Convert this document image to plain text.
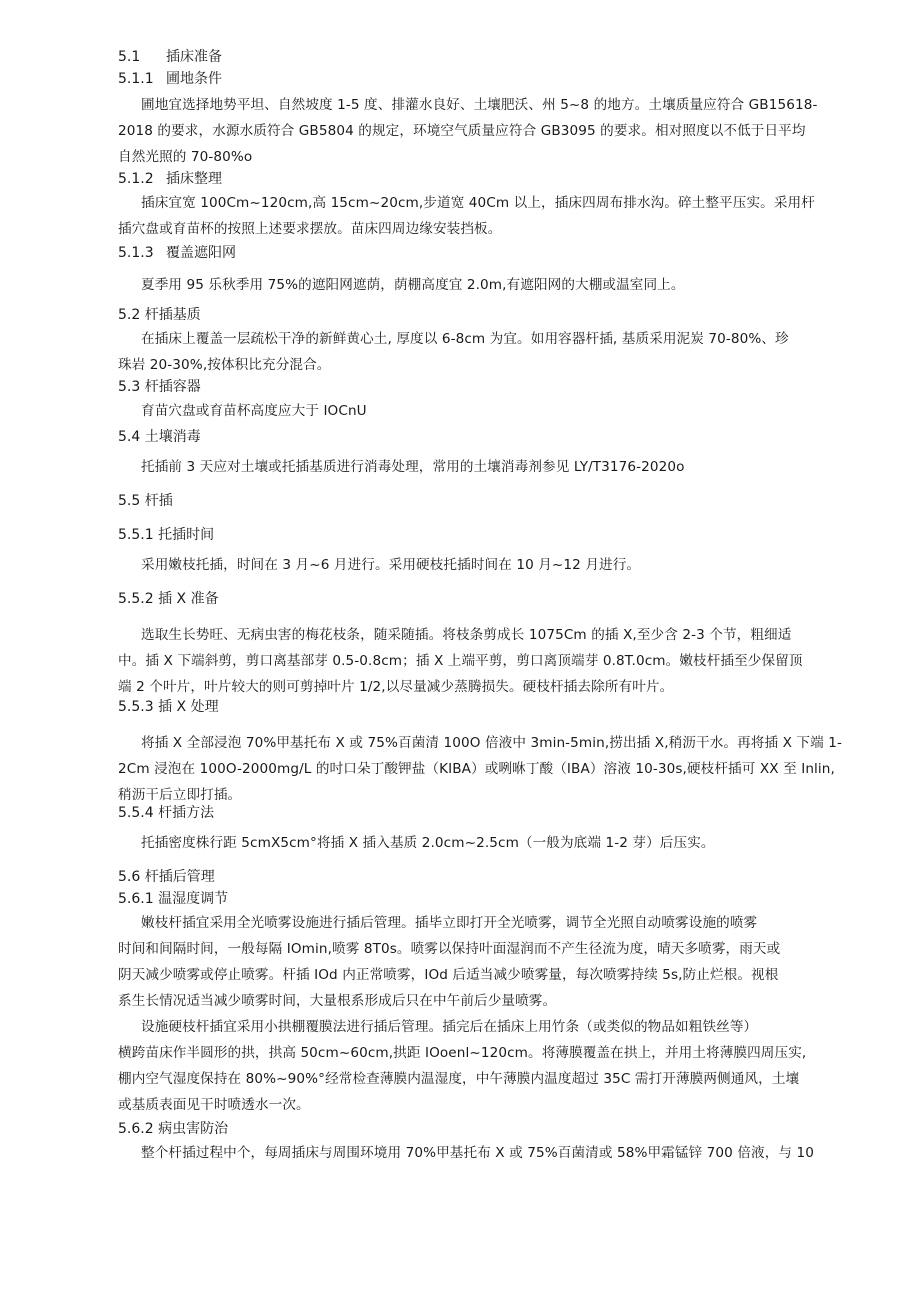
5.1 插床准备
5.1.1 圃地条件
圃地宜选择地势平坦、自然坡度 1-5 度、排灌水良好、土壤肥沃、州 5~8 的地方。土壤质量应符合 GB15618-
2018 的要求，水源水质符合 GB5804 的规定，环境空气质量应符合 GB3095 的要求。相对照度以不低于日平均
自然光照的 70-80%o
5.1.2 插床整理
插床宜宽 100Cm~120cm,高 15cm~20cm,步道宽 40Cm 以上，插床四周布排水沟。碎土整平压实。采用杆
插穴盘或育苗杯的按照上述要求摆放。苗床四周边缘安装挡板。
5.1.3 覆盖遮阳网
夏季用 95 乐秋季用 75%的遮阳网遮荫，荫棚高度宜 2.0m,有遮阳网的大棚或温室同上。
5.2 杆插基质
在插床上覆盖一层疏松干净的新鲜黄心土, 厚度以 6-8cm 为宜。如用容器杆插, 基质采用泥炭 70-80%、珍
珠岩 20-30%,按体积比充分混合。
5.3 杆插容器
育苗穴盘或育苗杯高度应大于 IOCnU
5.4 土壤消毒
托插前 3 天应对土壤或托插基质进行消毒处理，常用的土壤消毒剂参见 LY/T3176-2020o
5.5 杆插
5.5.1 托插时间
采用嫩枝托插，时间在 3 月~6 月进行。采用硬枝托插时间在 10 月~12 月进行。
5.5.2 插 X 准备
选取生长势旺、无病虫害的梅花枝条，随采随插。将枝条剪成长 1075Cm 的插 X,至少含 2-3 个节，粗细适
中。插 X 下端斜剪，剪口离基部芽 0.5-0.8cm；插 X 上端平剪，剪口离顶端芽 0.8T.0cm。嫩枝杆插至少保留顶
端 2 个叶片，叶片较大的则可剪掉叶片 1/2,以尽量减少蒸腾损失。硬枝杆插去除所有叶片。
5.5.3 插 X 处理
将插 X 全部浸泡 70%甲基托布 X 或 75%百菌清 100O 倍液中 3min-5min,捞出插 X,稍沥干水。再将插 X 下端 1-
2Cm 浸泡在 100O-2000mg/L 的吋口朵丁酸钾盐（KIBA）或咧咻丁酸（IBA）溶液 10-30s,硬枝杆插可 XX 至 Inlin,
稍沥干后立即打插。
5.5.4 杆插方法
托插密度株行距 5cmX5cm°将插 X 插入基质 2.0cm~2.5cm（一般为底端 1-2 芽）后压实。
5.6 杆插后管理
5.6.1 温湿度调节
嫩枝杆插宜采用全光喷雾设施进行插后管理。插毕立即打开全光喷雾，调节全光照自动喷雾设施的喷雾
时间和间隔时间，一般每隔 IOmin,喷雾 8T0s。喷雾以保持叶面湿润而不产生径流为度，晴天多喷雾，雨天或
阴天减少喷雾或停止喷雾。杆插 IOd 内正常喷雾，IOd 后适当减少喷雾量，每次喷雾持续 5s,防止烂根。视根
系生长情况适当减少喷雾时间，大量根系形成后只在中午前后少量喷雾。
设施硬枝杆插宜采用小拱棚覆膜法进行插后管理。插完后在插床上用竹条（或类似的物品如粗铁丝等）
横跨苗床作半圆形的拱，拱高 50cm~60cm,拱距 IOoenl~120cm。将薄膜覆盖在拱上，并用土将薄膜四周压实,
棚内空气湿度保持在 80%~90%°经常检查薄膜内温湿度，中午薄膜内温度超过 35C 需打开薄膜两侧通风，土壤
或基质表面见干时喷透水一次。
5.6.2 病虫害防治
整个杆插过程中个，每周插床与周围环境用 70%甲基托布 X 或 75%百菌清或 58%甲霜锰锌 700 倍液，与 10
